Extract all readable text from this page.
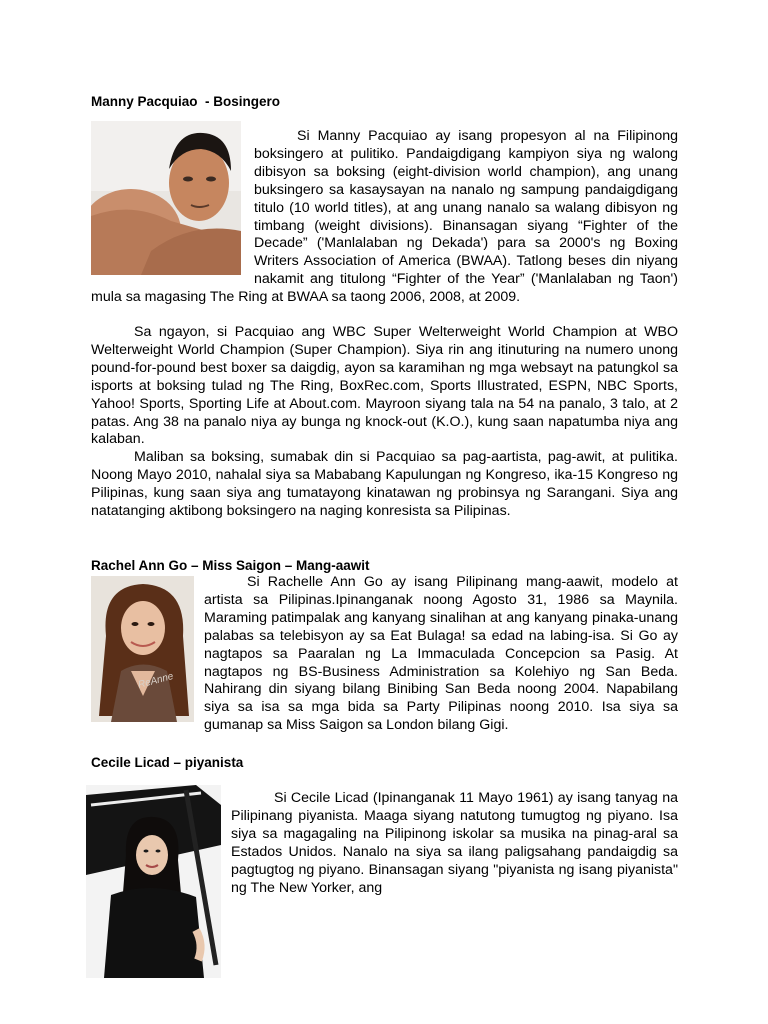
Manny Pacquiao  - Bosingero

Si Manny Pacquiao ay isang propesyon al na Filipinong boksingero at pulitiko. Pandaigdigang kampiyon siya ng walong dibisyon sa boksing (eight-division world champion), ang unang buksingero sa kasaysayan na nanalo ng sampung pandaigdigang titulo (10 world titles), at ang unang nanalo sa walang dibisyon ng timbang (weight divisions). Binansagan siyang “Fighter of the Decade” ('Manlalaban ng Dekada') para sa 2000's ng Boxing Writers Association of America (BWAA). Tatlong beses din niyang nakamit ang titulong “Fighter of the Year” ('Manlalaban ng Taon') mula sa magasing The Ring at BWAA sa taong 2006, 2008, at 2009.

Sa ngayon, si Pacquiao ang WBC Super Welterweight World Champion at WBO Welterweight World Champion (Super Champion). Siya rin ang itinuturing na numero unong pound-for-pound best boxer sa daigdig, ayon sa karamihan ng mga websayt na patungkol sa isports at boksing tulad ng The Ring, BoxRec.com, Sports Illustrated, ESPN, NBC Sports, Yahoo! Sports, Sporting Life at About.com. Mayroon siyang tala na 54 na panalo, 3 talo, at 2 patas. Ang 38 na panalo niya ay bunga ng knock-out (K.O.), kung saan napatumba niya ang kalaban.

Maliban sa boksing, sumabak din si Pacquiao sa pag-aartista, pag-awit, at pulitika. Noong Mayo 2010, nahalal siya sa Mababang Kapulungan ng Kongreso, ika-15 Kongreso ng Pilipinas, kung saan siya ang tumatayong kinatawan ng probinsya ng Sarangani. Siya ang natatanging aktibong boksingero na naging konresista sa Pilipinas.

Rachel Ann Go – Miss Saigon – Mang-aawit
ReAnne

Si Rachelle Ann Go ay isang Pilipinang mang-aawit, modelo at artista sa Pilipinas.Ipinanganak noong Agosto 31, 1986 sa Maynila. Maraming patimpalak ang kanyang sinalihan at ang kanyang pinaka-unang palabas sa telebisyon ay sa Eat Bulaga! sa edad na labing-isa. Si Go ay nagtapos sa Paaralan ng La Immaculada Concepcion sa Pasig. At nagtapos ng BS-Business Administration sa Kolehiyo ng San Beda. Nahirang din siyang bilang Binibing San Beda noong 2004. Napabilang siya sa isa sa mga bida sa Party Pilipinas noong 2010. Isa siya sa gumanap sa Miss Saigon sa London bilang Gigi.

Cecile Licad – piyanista

Si Cecile Licad (Ipinanganak 11 Mayo 1961) ay isang tanyag na Pilipinang piyanista. Maaga siyang natutong tumugtog ng piyano. Isa siya sa magagaling na Pilipinong iskolar sa musika na pinag-aral sa Estados Unidos. Nanalo na siya sa ilang paligsahang pandaigdig sa pagtugtog ng piyano. Binansagan siyang "piyanista ng isang piyanista" ng The New Yorker, ang
